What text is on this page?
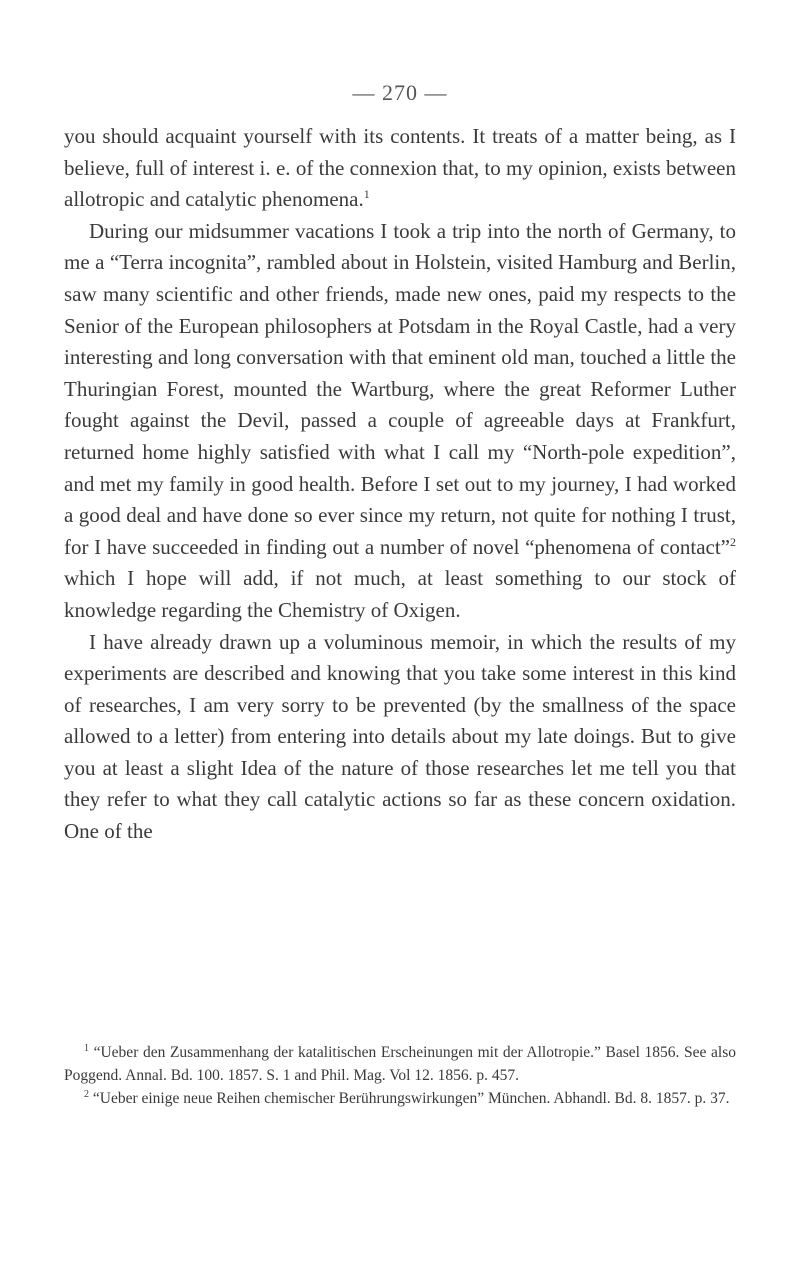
— 270 —

you should acquaint yourself with its contents. It treats of a matter being, as I believe, full of interest i. e. of the connexion that, to my opinion, exists between allotropic and catalytic phenomena.$^1$

During our midsummer vacations I took a trip into the north of Germany, to me a “Terra incognita”, rambled about in Holstein, visited Hamburg and Berlin, saw many scientific and other friends, made new ones, paid my respects to the Senior of the European philosophers at Potsdam in the Royal Castle, had a very interesting and long conversation with that eminent old man, touched a little the Thuringian Forest, mounted the Wartburg, where the great Reformer Luther fought against the Devil, passed a couple of agreeable days at Frankfurt, returned home highly satisfied with what I call my “North-pole expedition”, and met my family in good health. Before I set out to my journey, I had worked a good deal and have done so ever since my return, not quite for nothing I trust, for I have succeeded in finding out a number of novel “phenomena of contact”$^2$ which I hope will add, if not much, at least something to our stock of knowledge regarding the Chemistry of Oxigen.

I have already drawn up a voluminous memoir, in which the results of my experiments are described and knowing that you take some interest in this kind of researches, I am very sorry to be prevented (by the smallness of the space allowed to a letter) from entering into details about my late doings. But to give you at least a slight Idea of the nature of those researches let me tell you that they refer to what they call catalytic actions so far as these concern oxidation. One of the

$^1$ “Ueber den Zusammenhang der katalitischen Erscheinungen mit der Allotropie.” Basel 1856. See also Poggend. Annal. Bd. 100. 1857. S. 1 and Phil. Mag. Vol 12. 1856. p. 457.

$^2$ “Ueber einige neue Reihen chemischer Berührungswirkungen” München. Abhandl. Bd. 8. 1857. p. 37.
